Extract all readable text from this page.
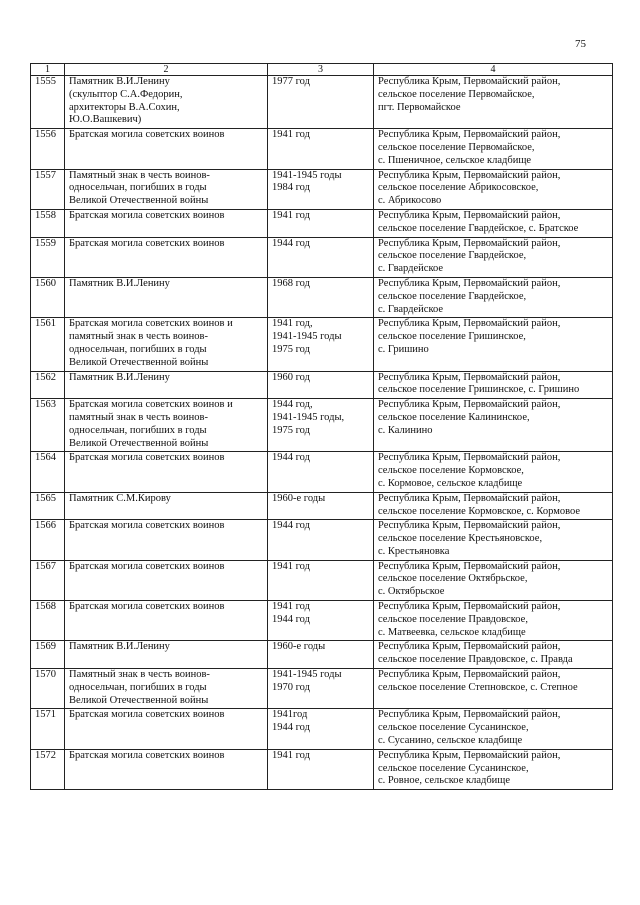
75
1	2	3	4
1555	Памятник В.И.Ленину
(скульптор С.А.Федорин,
архитекторы В.А.Сохин,
Ю.О.Вашкевич)	1977 год	Республика Крым, Первомайский район,
сельское поселение Первомайское,
пгт. Первомайское
1556	Братская могила советских воинов	1941 год	Республика Крым, Первомайский район,
сельское поселение Первомайское,
с. Пшеничное, сельское кладбище
1557	Памятный знак в честь воинов-
односельчан, погибших в годы
Великой Отечественной войны	1941-1945 годы
1984 год	Республика Крым, Первомайский район,
сельское поселение Абрикосовское,
с. Абрикосово
1558	Братская могила советских воинов	1941 год	Республика Крым, Первомайский район,
сельское поселение Гвардейское, с. Братское
1559	Братская могила советских воинов	1944 год	Республика Крым, Первомайский район,
сельское поселение Гвардейское,
с. Гвардейское
1560	Памятник В.И.Ленину	1968 год	Республика Крым, Первомайский район,
сельское поселение Гвардейское,
с. Гвардейское
1561	Братская могила советских воинов и
памятный знак в честь воинов-
односельчан, погибших в годы
Великой Отечественной войны	1941 год,
1941-1945 годы
1975 год	Республика Крым, Первомайский район,
сельское поселение Гришинское,
с. Гришино
1562	Памятник В.И.Ленину	1960 год	Республика Крым, Первомайский район,
сельское поселение Гришинское, с. Гришино
1563	Братская могила советских воинов и
памятный знак в честь воинов-
односельчан, погибших в годы
Великой Отечественной войны	1944 год,
1941-1945 годы,
1975 год	Республика Крым, Первомайский район,
сельское поселение Калининское,
с. Калинино
1564	Братская могила советских воинов	1944 год	Республика Крым, Первомайский район,
сельское поселение Кормовское,
с. Кормовое, сельское кладбище
1565	Памятник С.М.Кирову	1960-е годы	Республика Крым, Первомайский район,
сельское поселение Кормовское, с. Кормовое
1566	Братская могила советских воинов	1944 год	Республика Крым, Первомайский район,
сельское поселение Крестьяновское,
с. Крестьяновка
1567	Братская могила советских воинов	1941 год	Республика Крым, Первомайский район,
сельское поселение Октябрьское,
с. Октябрьское
1568	Братская могила советских воинов	1941 год
1944 год	Республика Крым, Первомайский район,
сельское поселение Правдовское,
с. Матвеевка, сельское кладбище
1569	Памятник В.И.Ленину	1960-е годы	Республика Крым, Первомайский район,
сельское поселение Правдовское, с. Правда
1570	Памятный знак в честь воинов-
односельчан, погибших в годы
Великой Отечественной войны	1941-1945 годы
1970 год	Республика Крым, Первомайский район,
сельское поселение Степновское, с. Степное
1571	Братская могила советских воинов	1941год
1944 год	Республика Крым, Первомайский район,
сельское поселение Сусанинское,
с. Сусанино, сельское кладбище
1572	Братская могила советских воинов	1941 год	Республика Крым, Первомайский район,
сельское поселение Сусанинское,
с. Ровное, сельское кладбище
